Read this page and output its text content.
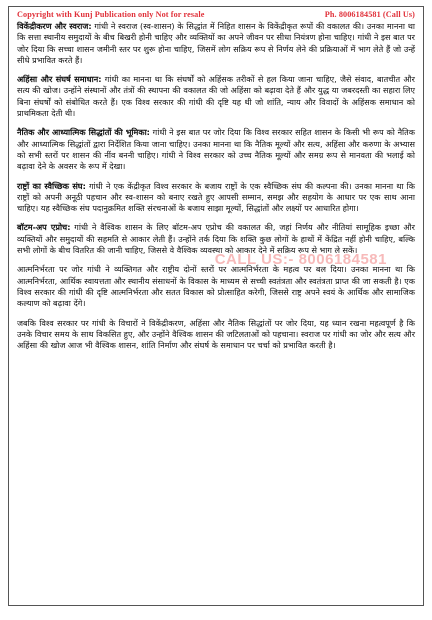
Copyright with Kunj Publication only Not for resale	Ph. 8006184581 (Call Us)
CALL US:- 8006184581

विकेंद्रीकरण और स्वराज: गांधी ने स्वराज (स्व-शासन) के सिद्धांत में निहित शासन के विकेंद्रीकृत रूपों की वकालत की। उनका मानना था कि सत्ता स्थानीय समुदायों के बीच बिखरी होनी चाहिए और व्यक्तियों का अपने जीवन पर सीधा नियंत्रण होना चाहिए। गांधी ने इस बात पर जोर दिया कि सच्चा शासन जमीनी स्तर पर शुरू होना चाहिए, जिसमें लोग सक्रिय रूप से निर्णय लेने की प्रक्रियाओं में भाग लेते हैं जो उन्हें सीधे प्रभावित करते हैं।

अहिंसा और संघर्ष समाधान: गांधी का मानना था कि संघर्षों को अहिंसक तरीकों से हल किया जाना चाहिए, जैसे संवाद, बातचीत और सत्य की खोज। उन्होंने संस्थानों और तंत्रों की स्थापना की वकालत की जो अहिंसा को बढ़ावा देते हैं और युद्ध या जबरदस्ती का सहारा लिए बिना संघर्षों को संबोधित करते हैं। एक विश्व सरकार की गांधी की दृष्टि यह थी जो शांति, न्याय और विवादों के अहिंसक समाधान को प्राथमिकता देती थी।

नैतिक और आध्यात्मिक सिद्धांतों की भूमिका: गांधी ने इस बात पर जोर दिया कि विश्व सरकार सहित शासन के किसी भी रूप को नैतिक और आध्यात्मिक सिद्धांतों द्वारा निर्देशित किया जाना चाहिए। उनका मानना था कि नैतिक मूल्यों और सत्य, अहिंसा और करुणा के अभ्यास को सभी स्तरों पर शासन की नींव बननी चाहिए। गांधी ने विश्व सरकार को उच्च नैतिक मूल्यों और समग्र रूप से मानवता की भलाई को बढ़ावा देने के अवसर के रूप में देखा।

राष्ट्रों का स्वैच्छिक संघ: गांधी ने एक केंद्रीकृत विश्व सरकार के बजाय राष्ट्रों के एक स्वैच्छिक संघ की कल्पना की। उनका मानना था कि राष्ट्रों को अपनी अनूठी पहचान और स्व-शासन को बनाए रखते हुए आपसी सम्मान, समझ और सहयोग के आधार पर एक साथ आना चाहिए। यह स्वैच्छिक संघ पदानुक्रमित शक्ति संरचनाओं के बजाय साझा मूल्यों, सिद्धांतों और लक्ष्यों पर आधारित होगा।

बॉटम-अप एप्रोच: गांधी ने वैश्विक शासन के लिए बॉटम-अप एप्रोच की वकालत की, जहां निर्णय और नीतियां सामूहिक इच्छा और व्यक्तियों और समुदायों की सहमति से आकार लेती हैं। उन्होंने तर्क दिया कि शक्ति कुछ लोगों के हाथों में केंद्रित नहीं होनी चाहिए, बल्कि सभी लोगों के बीच वितरित की जानी चाहिए, जिससे वे वैश्विक व्यवस्था को आकार देने में सक्रिय रूप से भाग ले सकें।

आत्मनिर्भरता पर जोर गांधी ने व्यक्तिगत और राष्ट्रीय दोनों स्तरों पर आत्मनिर्भरता के महत्व पर बल दिया। उनका मानना था कि आत्मनिर्भरता, आर्थिक स्वायत्तता और स्थानीय संसाधनों के विकास के माध्यम से सच्ची स्वतंत्रता और स्वतंत्रता प्राप्त की जा सकती है। एक विश्व सरकार की गांधी की दृष्टि आत्मनिर्भरता और सतत विकास को प्रोत्साहित करेगी, जिससे राष्ट्र अपने स्वयं के आर्थिक और सामाजिक कल्याण को बढ़ावा देंगे।

जबकि विश्व सरकार पर गांधी के विचारों ने विकेंद्रीकरण, अहिंसा और नैतिक सिद्धांतों पर जोर दिया, यह ध्यान रखना महत्वपूर्ण है कि उनके विचार समय के साथ विकसित हुए, और उन्होंने वैश्विक शासन की जटिलताओं को पहचाना। स्वराज पर गांधी का जोर और सत्य और अहिंसा की खोज आज भी वैश्विक शासन, शांति निर्माण और संघर्ष के समाधान पर चर्चा को प्रभावित करती है।
